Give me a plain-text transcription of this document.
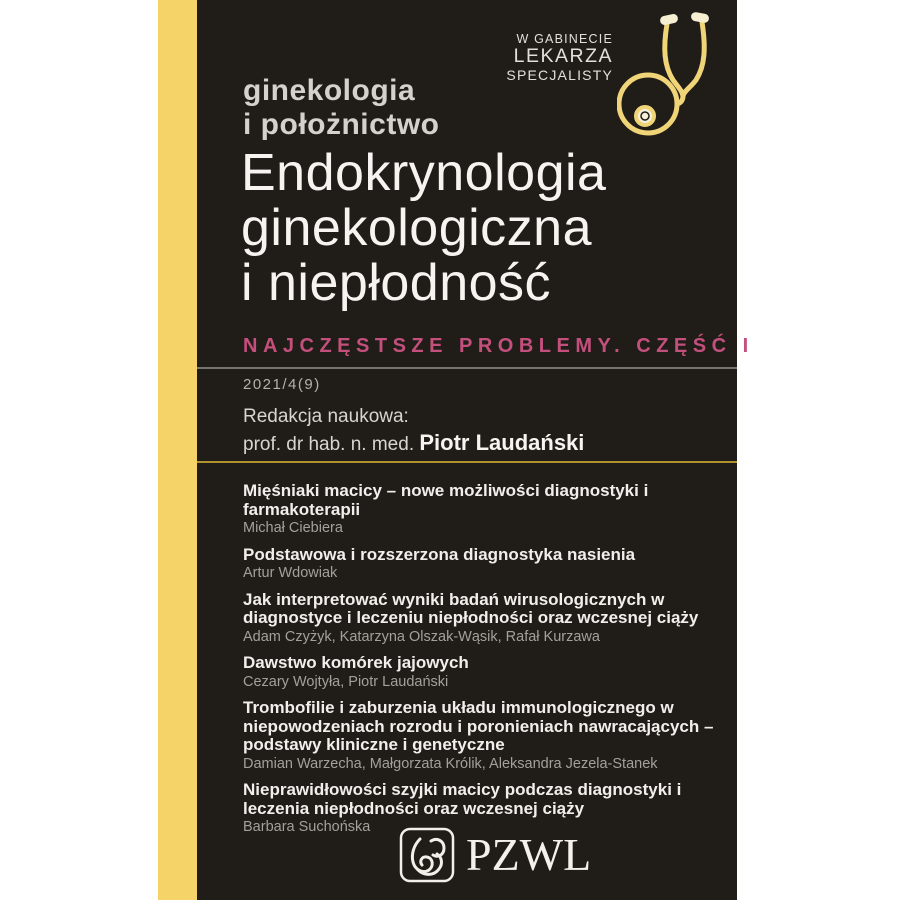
W GABINECIE
LEKARZA
SPECJALISTY
ginekologia
i położnictwo
Endokrynologia
ginekologiczna
i niepłodność
NAJCZĘSTSZE PROBLEMY. CZĘŚĆ I
2021/4(9)
Redakcja naukowa:
prof. dr hab. n. med. Piotr Laudański
Mięśniaki macicy – nowe możliwości diagnostyki i farmakoterapii
Michał Ciebiera
Podstawowa i rozszerzona diagnostyka nasienia
Artur Wdowiak
Jak interpretować wyniki badań wirusologicznych w diagnostyce i leczeniu niepłodności oraz wczesnej ciąży
Adam Czyżyk, Katarzyna Olszak-Wąsik, Rafał Kurzawa
Dawstwo komórek jajowych
Cezary Wojtyła, Piotr Laudański
Trombofilie i zaburzenia układu immunologicznego w niepowodzeniach rozrodu i poronieniach nawracających – podstawy kliniczne i genetyczne
Damian Warzecha, Małgorzata Królik, Aleksandra Jezela-Stanek
Nieprawidłowości szyjki macicy podczas diagnostyki i leczenia niepłodności oraz wczesnej ciąży
Barbara Suchońska
PZWL
